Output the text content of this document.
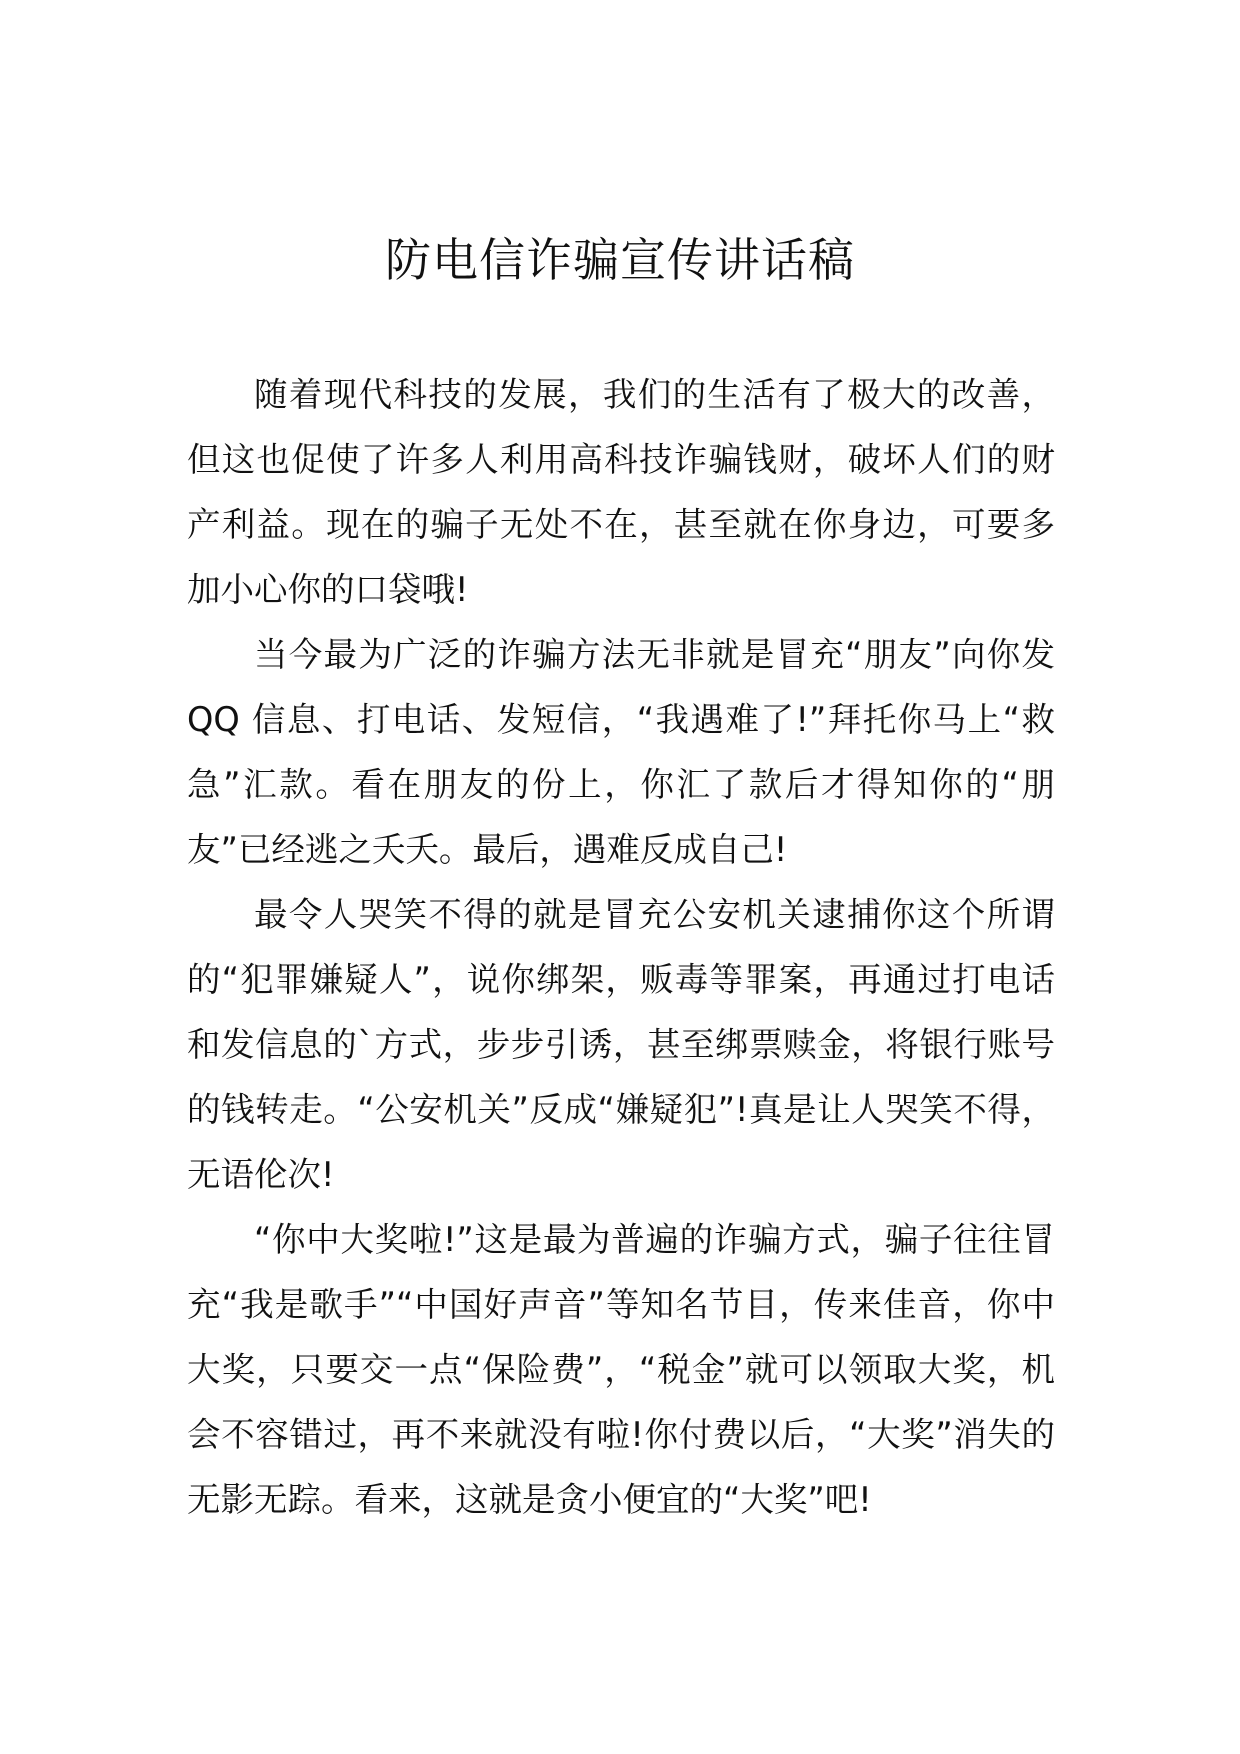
防电信诈骗宣传讲话稿

随着现代科技的发展，我们的生活有了极大的改善，但这也促使了许多人利用高科技诈骗钱财，破坏人们的财产利益。现在的骗子无处不在，甚至就在你身边，可要多加小心你的口袋哦!

当今最为广泛的诈骗方法无非就是冒充“朋友”向你发 QQ 信息、打电话、发短信，“我遇难了!”拜托你马上“救急”汇款。看在朋友的份上，你汇了款后才得知你的“朋友”已经逃之夭夭。最后，遇难反成自己!

最令人哭笑不得的就是冒充公安机关逮捕你这个所谓的“犯罪嫌疑人”，说你绑架，贩毒等罪案，再通过打电话和发信息的`方式，步步引诱，甚至绑票赎金，将银行账号的钱转走。“公安机关”反成“嫌疑犯”!真是让人哭笑不得，无语伦次!

“你中大奖啦!”这是最为普遍的诈骗方式，骗子往往冒充“我是歌手”“中国好声音”等知名节目，传来佳音，你中大奖，只要交一点“保险费”，“税金”就可以领取大奖，机会不容错过，再不来就没有啦!你付费以后，“大奖”消失的无影无踪。看来，这就是贪小便宜的“大奖”吧!
